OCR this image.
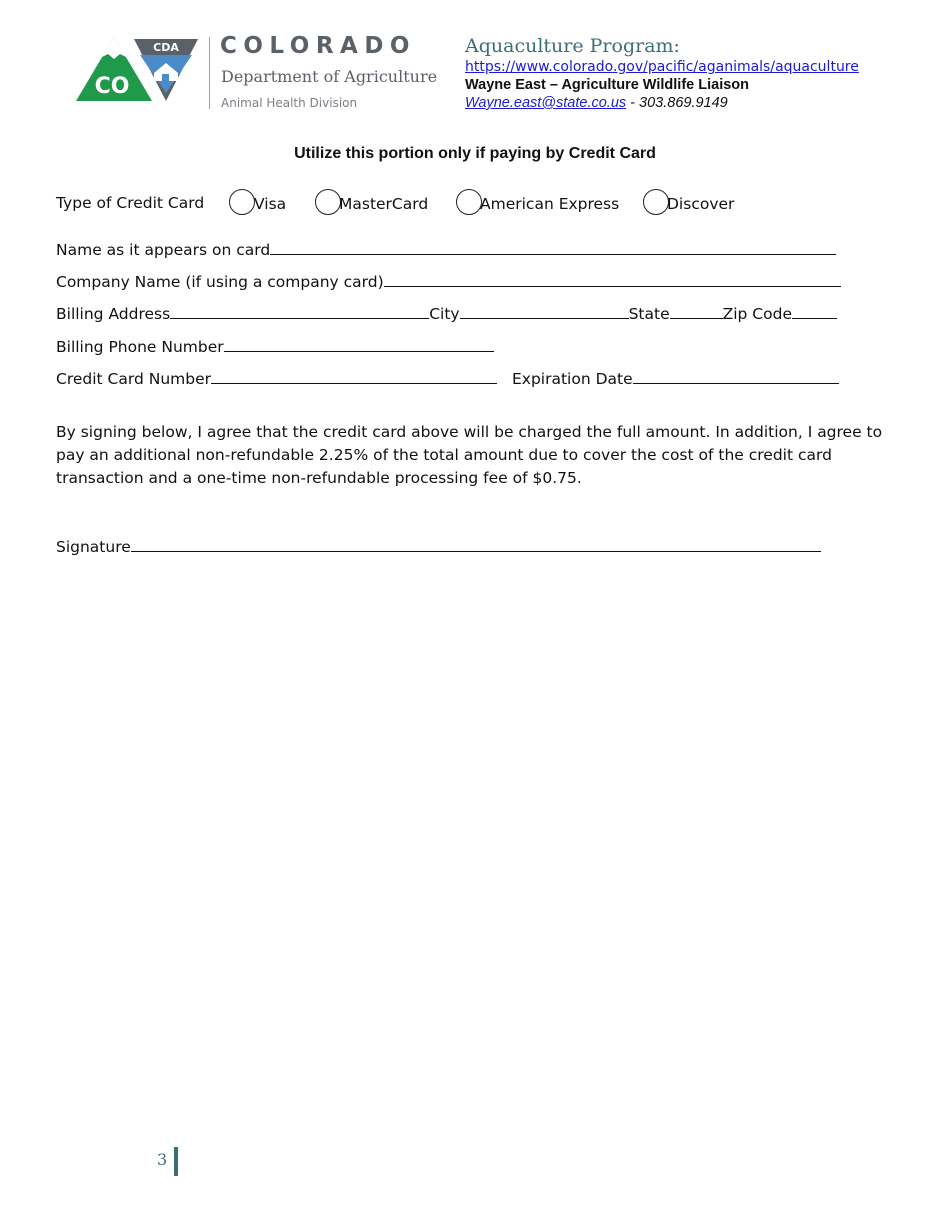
CDA
CO
COLORADO
Department of Agriculture
Animal Health Division
Aquaculture Program:
https://www.colorado.gov/pacific/aganimals/aquaculture
Wayne East – Agriculture Wildlife Liaison
Wayne.east@state.co.us - 303.869.9149
Utilize this portion only if paying by Credit Card
Type of Credit Card	Visa	MasterCard	American Express	Discover
Name as it appears on card
Company Name (if using a company card)
Billing Address	City	State	Zip Code
Billing Phone Number
Credit Card Number	Expiration Date
By signing below, I agree that the credit card above will be charged the full amount. In addition, I agree to pay an additional non-refundable 2.25% of the total amount due to cover the cost of the credit card transaction and a one-time non-refundable processing fee of $0.75.
Signature
3
